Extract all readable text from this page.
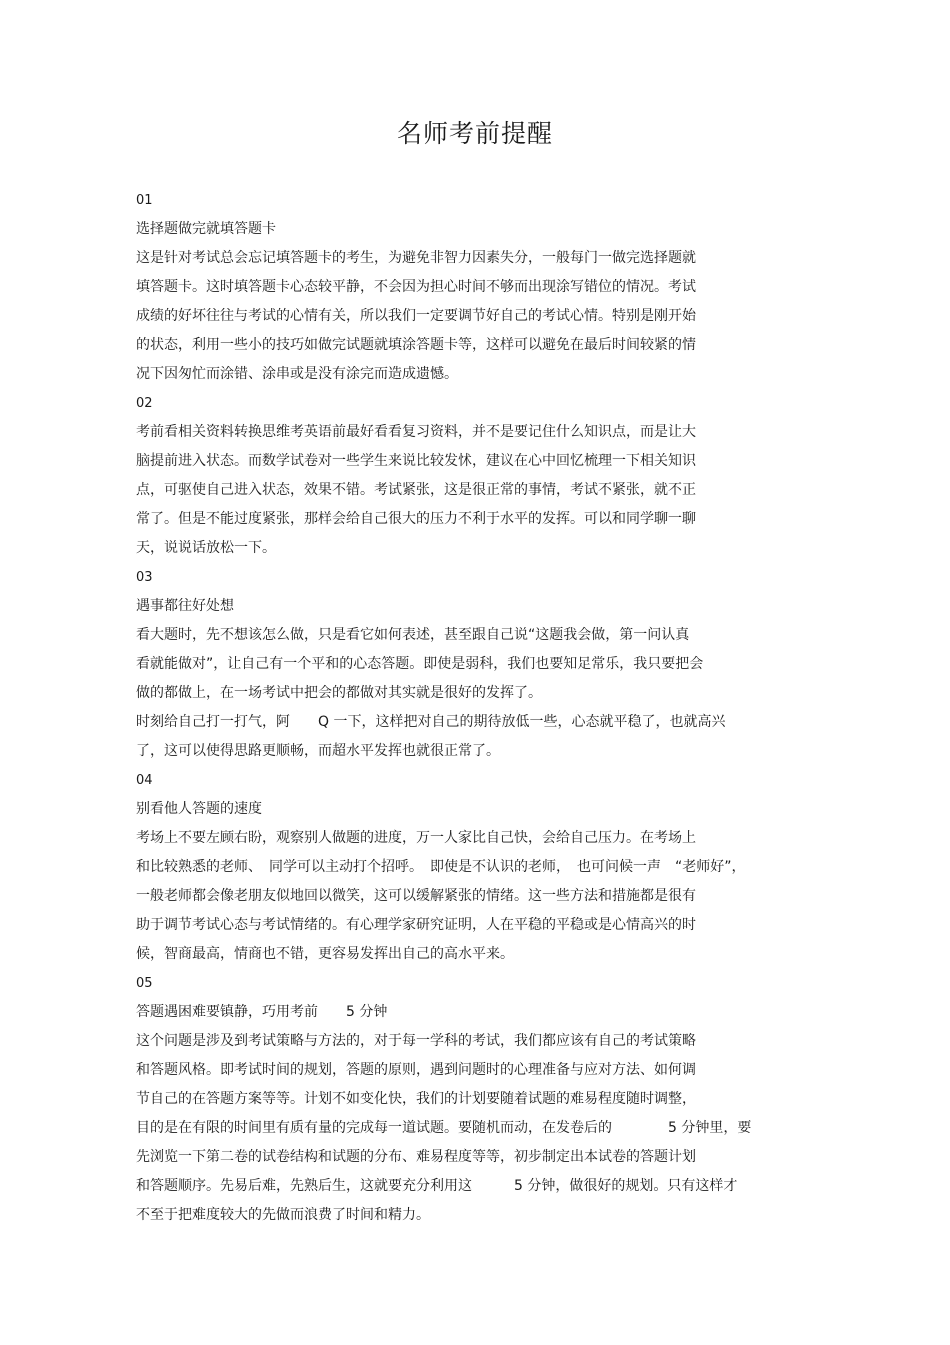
名师考前提醒
01
选择题做完就填答题卡
这是针对考试总会忘记填答题卡的考生，为避免非智力因素失分，一般每门一做完选择题就
填答题卡。这时填答题卡心态较平静，不会因为担心时间不够而出现涂写错位的情况。考试
成绩的好坏往往与考试的心情有关，所以我们一定要调节好自己的考试心情。特别是刚开始
的状态，利用一些小的技巧如做完试题就填涂答题卡等，这样可以避免在最后时间较紧的情
况下因匆忙而涂错、涂串或是没有涂完而造成遗憾。
02
考前看相关资料转换思维考英语前最好看看复习资料，并不是要记住什么知识点，而是让大
脑提前进入状态。而数学试卷对一些学生来说比较发怵，建议在心中回忆梳理一下相关知识
点，可驱使自己进入状态，效果不错。考试紧张，这是很正常的事情，考试不紧张，就不正
常了。但是不能过度紧张，那样会给自己很大的压力不利于水平的发挥。可以和同学聊一聊
天，说说话放松一下。
03
遇事都往好处想
看大题时，先不想该怎么做，只是看它如何表述，甚至跟自己说“这题我会做，第一问认真
看就能做对”，让自己有一个平和的心态答题。即使是弱科，我们也要知足常乐，我只要把会
做的都做上，在一场考试中把会的都做对其实就是很好的发挥了。
时刻给自己打一打气，阿　　Q 一下，这样把对自己的期待放低一些，心态就平稳了，也就高兴
了，这可以使得思路更顺畅，而超水平发挥也就很正常了。
04
别看他人答题的速度
考场上不要左顾右盼，观察别人做题的进度，万一人家比自己快，会给自己压力。在考场上
和比较熟悉的老师、　同学可以主动打个招呼。　即使是不认识的老师，　也可问候一声　“老师好”，
一般老师都会像老朋友似地回以微笑，这可以缓解紧张的情绪。这一些方法和措施都是很有
助于调节考试心态与考试情绪的。有心理学家研究证明，人在平稳的平稳或是心情高兴的时
候，智商最高，情商也不错，更容易发挥出自己的高水平来。
05
答题遇困难要镇静，巧用考前　　5 分钟
这个问题是涉及到考试策略与方法的，对于每一学科的考试，我们都应该有自己的考试策略
和答题风格。即考试时间的规划，答题的原则，遇到问题时的心理准备与应对方法、如何调
节自己的在答题方案等等。计划不如变化快，我们的计划要随着试题的难易程度随时调整，
目的是在有限的时间里有质有量的完成每一道试题。要随机而动，在发卷后的　　　　5 分钟里，要
先浏览一下第二卷的试卷结构和试题的分布、难易程度等等，初步制定出本试卷的答题计划
和答题顺序。先易后难，先熟后生，这就要充分利用这　　　5 分钟，做很好的规划。只有这样才
不至于把难度较大的先做而浪费了时间和精力。
